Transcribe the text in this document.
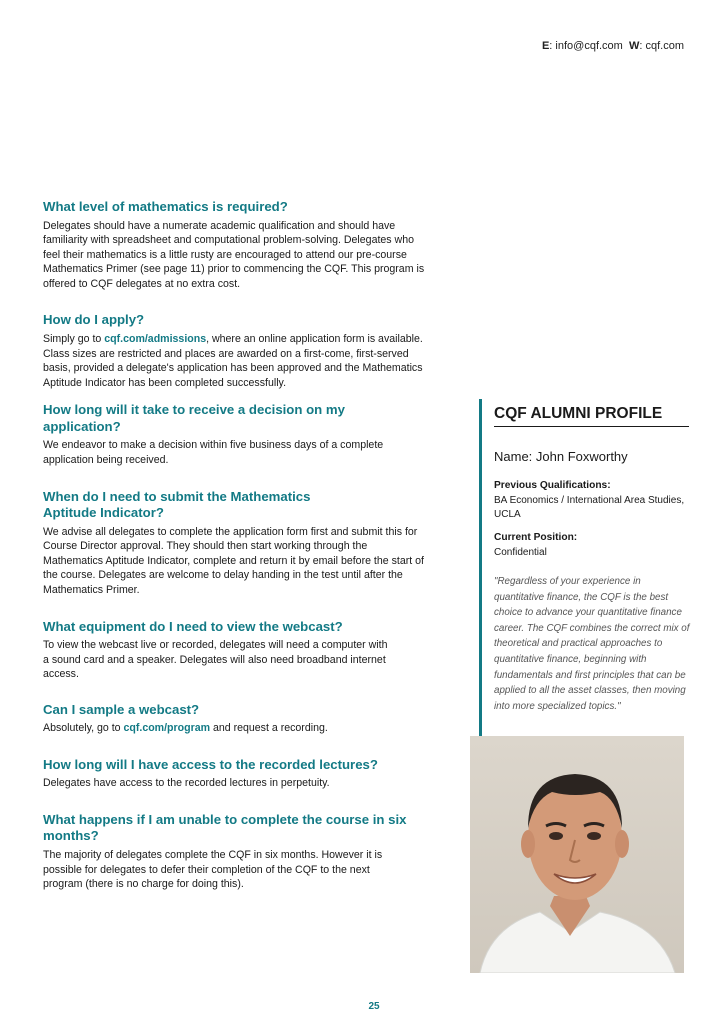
E: info@cqf.com W: cqf.com

What level of mathematics is required?

Delegates should have a numerate academic qualification and should have familiarity with spreadsheet and computational problem-solving. Delegates who feel their mathematics is a little rusty are encouraged to attend our pre-course Mathematics Primer (see page 11) prior to commencing the CQF. This program is offered to CQF delegates at no extra cost.

How do I apply?

Simply go to cqf.com/admissions, where an online application form is available. Class sizes are restricted and places are awarded on a first-come, first-served basis, provided a delegate's application has been approved and the Mathematics Aptitude Indicator has been completed successfully.

How long will it take to receive a decision on my application?

We endeavor to make a decision within five business days of a complete application being received.

When do I need to submit the Mathematics Aptitude Indicator?

We advise all delegates to complete the application form first and submit this for Course Director approval. They should then start working through the Mathematics Aptitude Indicator, complete and return it by email before the start of the course. Delegates are welcome to delay handing in the test until after the Mathematics Primer.

What equipment do I need to view the webcast?

To view the webcast live or recorded, delegates will need a computer with a sound card and a speaker. Delegates will also need broadband internet access.

Can I sample a webcast?

Absolutely, go to cqf.com/program and request a recording.

How long will I have access to the recorded lectures?

Delegates have access to the recorded lectures in perpetuity.

What happens if I am unable to complete the course in six months?

The majority of delegates complete the CQF in six months. However it is possible for delegates to defer their completion of the CQF to the next program (there is no charge for doing this).

CQF ALUMNI PROFILE
Name: John Foxworthy
Previous Qualifications:
BA Economics / International Area Studies, UCLA
Current Position:
Confidential
"Regardless of your experience in quantitative finance, the CQF is the best choice to advance your quantitative finance career. The CQF combines the correct mix of theoretical and practical approaches to quantitative finance, beginning with fundamentals and first principles that can be applied to all the asset classes, then moving into more specialized topics."
25
